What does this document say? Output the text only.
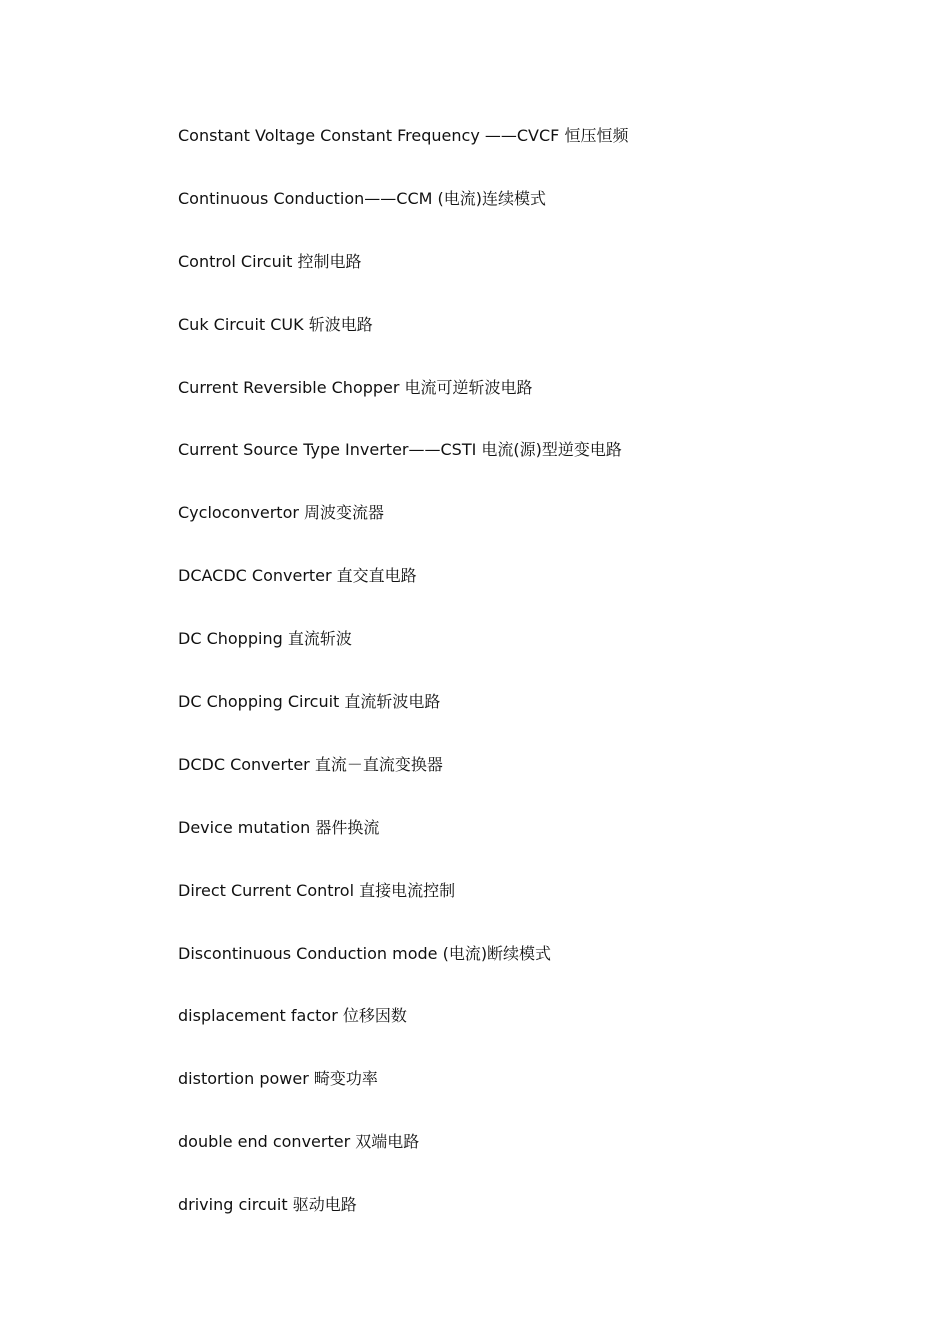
Constant Voltage Constant Frequency ——CVCF 恒压恒频
Continuous Conduction——CCM (电流)连续模式
Control Circuit 控制电路
Cuk Circuit CUK 斩波电路
Current Reversible Chopper 电流可逆斩波电路
Current Source Type Inverter——CSTI 电流(源)型逆变电路
Cycloconvertor 周波变流器
DCACDC Converter 直交直电路
DC Chopping 直流斩波
DC Chopping Circuit 直流斩波电路
DCDC Converter 直流－直流变换器
Device mutation 器件换流
Direct Current Control 直接电流控制
Discontinuous Conduction mode (电流)断续模式
displacement factor 位移因数
distortion power 畸变功率
double end converter 双端电路
driving circuit 驱动电路
